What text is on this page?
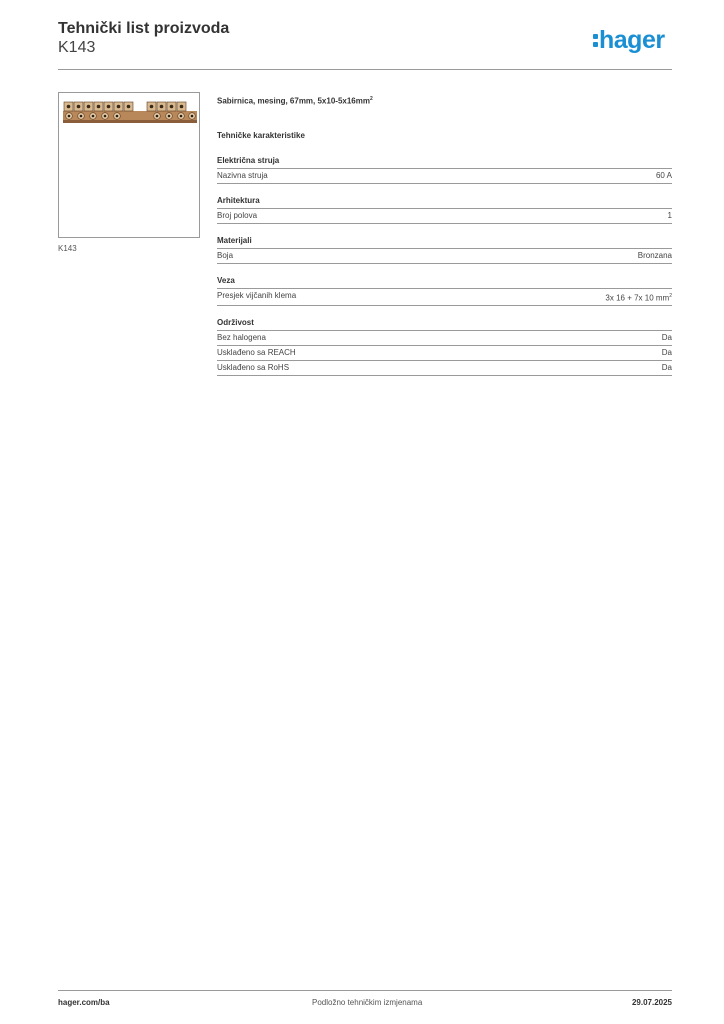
Tehnički list proizvoda
K143	hager
K143
Sabirnica, mesing, 67mm, $5x10-5x16mm^2$
Tehničke karakteristike
Električna struja
Nazivna struja	60 A
Arhitektura
Broj polova	1
Materijali
Boja	Bronzana
Veza
Presjek vijčanih klema	3x 16 + 7x 10 $mm^2$
Održivost
Bez halogena	Da
Usklađeno sa REACH	Da
Usklađeno sa RoHS	Da
hager.com/ba	Podložno tehničkim izmjenama	29.07.2025
